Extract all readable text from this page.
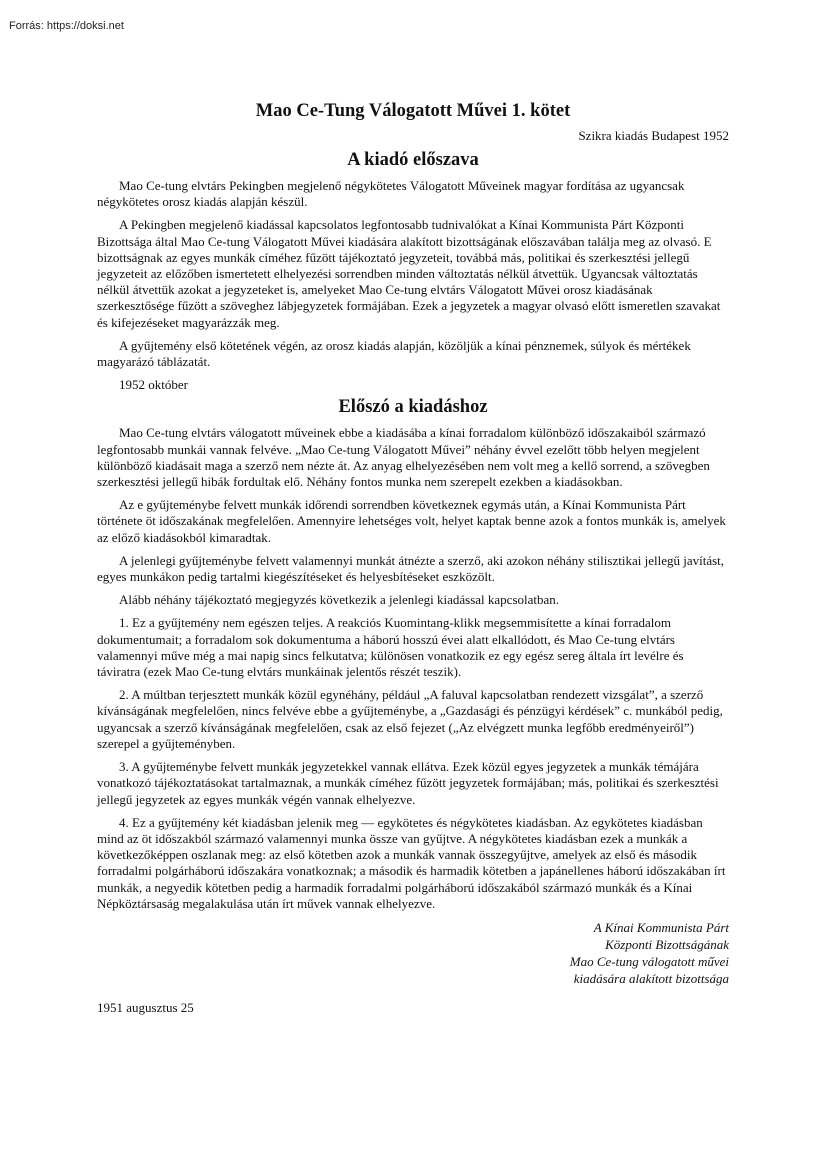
Forrás: https://doksi.net
Mao Ce-Tung Válogatott Művei 1. kötet
Szikra kiadás Budapest 1952
A kiadó előszava

Mao Ce-tung elvtárs Pekingben megjelenő négykötetes Válogatott Műveinek magyar fordítása az ugyancsak négykötetes orosz kiadás alapján készül.

A Pekingben megjelenő kiadással kapcsolatos legfontosabb tudnivalókat a Kínai Kommunista Párt Központi Bizottsága által Mao Ce-tung Válogatott Művei kiadására alakított bizottságának előszavában találja meg az olvasó. E bizottságnak az egyes munkák címéhez fűzött tájékoztató jegyzeteit, továbbá más, politikai és szerkesztési jellegű jegyzeteit az előzőben ismertetett elhelyezési sorrendben minden változtatás nélkül átvettük. Ugyancsak változtatás nélkül átvettük azokat a jegyzeteket is, amelyeket Mao Ce-tung elvtárs Válogatott Művei orosz kiadásának szerkesztősége fűzött a szöveghez lábjegyzetek formájában. Ezek a jegyzetek a magyar olvasó előtt ismeretlen szavakat és kifejezéseket magyarázzák meg.

A gyűjtemény első kötetének végén, az orosz kiadás alapján, közöljük a kínai pénznemek, súlyok és mértékek magyarázó táblázatát.

1952 október

Előszó a kiadáshoz

Mao Ce-tung elvtárs válogatott műveinek ebbe a kiadásába a kínai forradalom különböző időszakaiból származó legfontosabb munkái vannak felvéve. „Mao Ce-tung Válogatott Művei” néhány évvel ezelőtt több helyen megjelent különböző kiadásait maga a szerző nem nézte át. Az anyag elhelyezésében nem volt meg a kellő sorrend, a szövegben szerkesztési jellegű hibák fordultak elő. Néhány fontos munka nem szerepelt ezekben a kiadásokban.

Az e gyűjteménybe felvett munkák időrendi sorrendben következnek egymás után, a Kínai Kommunista Párt története öt időszakának megfelelően. Amennyire lehetséges volt, helyet kaptak benne azok a fontos munkák is, amelyek az előző kiadásokból kimaradtak.

A jelenlegi gyűjteménybe felvett valamennyi munkát átnézte a szerző, aki azokon néhány stilisztikai jellegű javítást, egyes munkákon pedig tartalmi kiegészítéseket és helyesbítéseket eszközölt.

Alább néhány tájékoztató megjegyzés következik a jelenlegi kiadással kapcsolatban.

1. Ez a gyűjtemény nem egészen teljes. A reakciós Kuomintang-klikk megsemmisítette a kínai forradalom dokumentumait; a forradalom sok dokumentuma a háború hosszú évei alatt elkallódott, és Mao Ce-tung elvtárs valamennyi műve még a mai napig sincs felkutatva; különösen vonatkozik ez egy egész sereg általa írt levélre és táviratra (ezek Mao Ce-tung elvtárs munkáinak jelentős részét teszik).

2. A múltban terjesztett munkák közül egynéhány, például „A faluval kapcsolatban rendezett vizsgálat”, a szerző kívánságának megfelelően, nincs felvéve ebbe a gyűjteménybe, a „Gazdasági és pénzügyi kérdések” c. munkából pedig, ugyancsak a szerző kívánságának megfelelően, csak az első fejezet („Az elvégzett munka legfőbb eredményeiről”) szerepel a gyűjteményben.

3. A gyűjteménybe felvett munkák jegyzetekkel vannak ellátva. Ezek közül egyes jegyzetek a munkák témájára vonatkozó tájékoztatásokat tartalmaznak, a munkák címéhez fűzött jegyzetek formájában; más, politikai és szerkesztési jellegű jegyzetek az egyes munkák végén vannak elhelyezve.

4. Ez a gyűjtemény két kiadásban jelenik meg — egykötetes és négykötetes kiadásban. Az egykötetes kiadásban mind az öt időszakból származó valamennyi munka össze van gyűjtve. A négykötetes kiadásban ezek a munkák a következőképpen oszlanak meg: az első kötetben azok a munkák vannak összegyűjtve, amelyek az első és második forradalmi polgárháború időszakára vonatkoznak; a második és harmadik kötetben a japánellenes háború időszakában írt munkák, a negyedik kötetben pedig a harmadik forradalmi polgárháború időszakából származó munkák és a Kínai Népköztársaság megalakulása után írt művek vannak elhelyezve.

A Kínai Kommunista Párt
Központi Bizottságának
Mao Ce-tung válogatott művei
kiadására alakított bizottsága
1951 augusztus 25
